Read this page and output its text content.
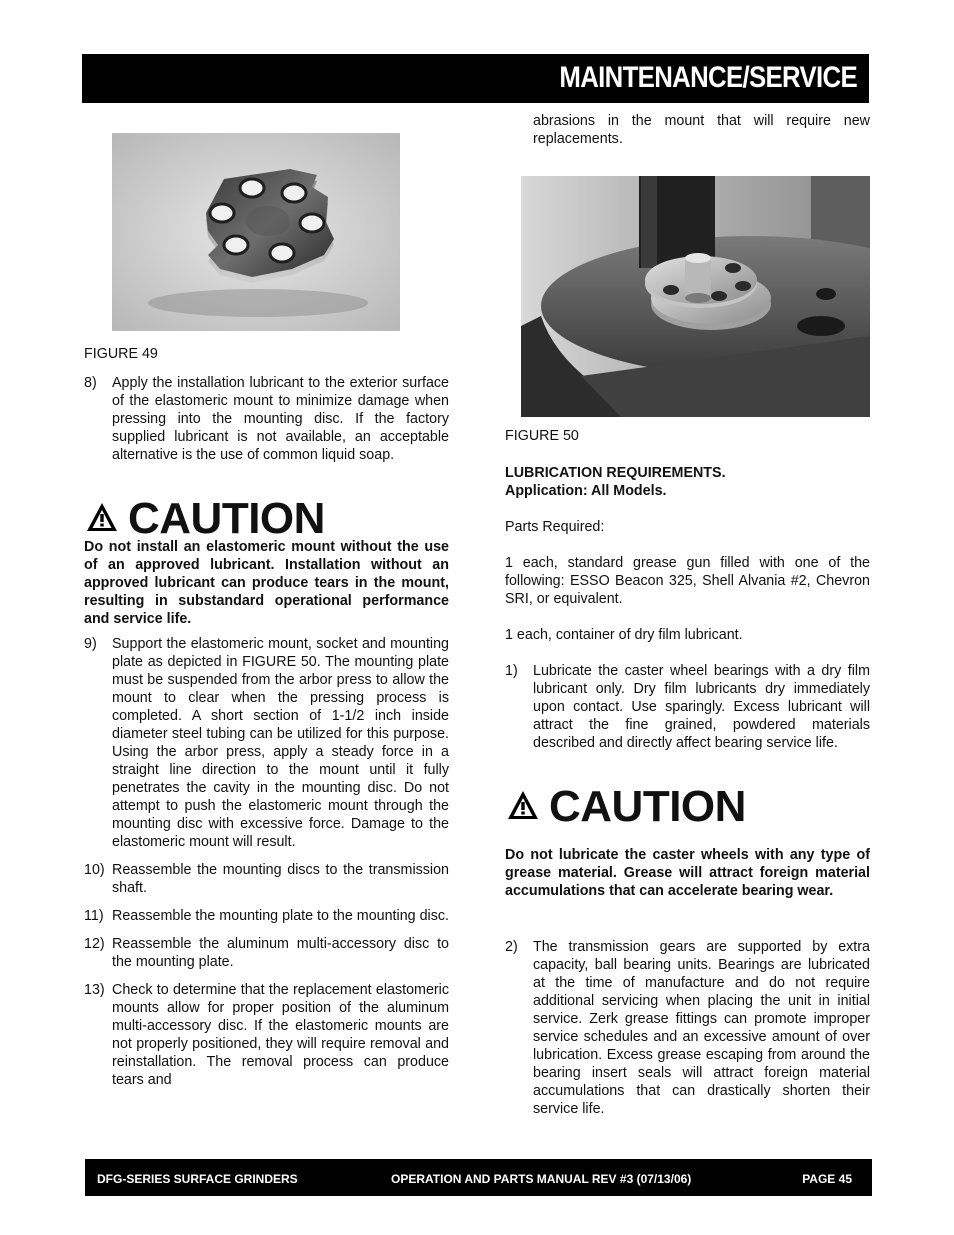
MAINTENANCE/SERVICE
FIGURE 49
8) Apply the installation lubricant to the exterior surface of the elastomeric mount to minimize damage when pressing into the mounting disc. If the factory supplied lubricant is not available, an acceptable alternative is the use of common liquid soap.
CAUTION

Do not install an elastomeric mount without the use of an approved lubricant. Installation without an approved lubricant can produce tears in the mount, resulting in substandard operational performance and service life.

9) Support the elastomeric mount, socket and mounting plate as depicted in FIGURE 50. The mounting plate must be suspended from the arbor press to allow the mount to clear when the pressing process is completed. A short section of 1-1/2 inch inside diameter steel tubing can be utilized for this purpose. Using the arbor press, apply a steady force in a straight line direction to the mount until it fully penetrates the cavity in the mounting disc. Do not attempt to push the elastomeric mount through the mounting disc with excessive force. Damage to the elastomeric mount will result.
10) Reassemble the mounting discs to the transmission shaft.
11) Reassemble the mounting plate to the mounting disc.
12) Reassemble the aluminum multi-accessory disc to the mounting plate.
13) Check to determine that the replacement elastomeric mounts allow for proper position of the aluminum multi-accessory disc. If the elastomeric mounts are not properly positioned, they will require removal and reinstallation. The removal process can produce tears and

abrasions in the mount that will require new replacements.

FIGURE 50
LUBRICATION REQUIREMENTS.
Application: All Models.
Parts Required:

1 each, standard grease gun filled with one of the following: ESSO Beacon 325, Shell Alvania #2, Chevron SRI, or equivalent.

1 each, container of dry film lubricant.

1) Lubricate the caster wheel bearings with a dry film lubricant only. Dry film lubricants dry immediately upon contact. Use sparingly. Excess lubricant will attract the fine grained, powdered materials described and directly affect bearing service life.
CAUTION

Do not lubricate the caster wheels with any type of grease material. Grease will attract foreign material accumulations that can accelerate bearing wear.

2) The transmission gears are supported by extra capacity, ball bearing units. Bearings are lubricated at the time of manufacture and do not require additional servicing when placing the unit in initial service. Zerk grease fittings can promote improper service schedules and an excessive amount of over lubrication. Excess grease escaping from around the bearing insert seals will attract foreign material accumulations that can drastically shorten their service life.
DFG-SERIES SURFACE GRINDERS	OPERATION AND PARTS MANUAL REV #3 (07/13/06)	PAGE 45
